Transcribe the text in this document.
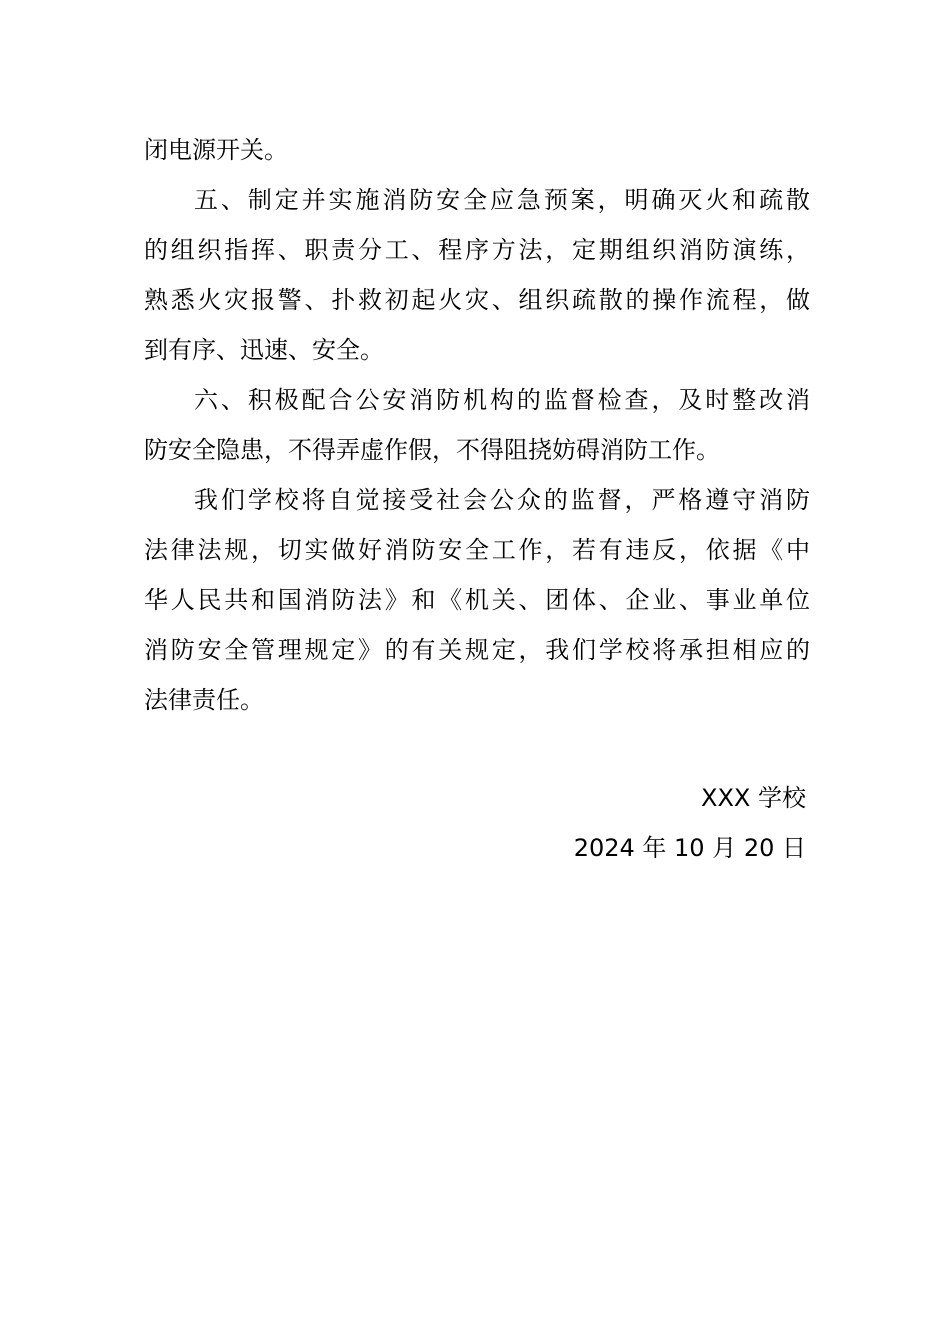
闭电源开关。
五、制定并实施消防安全应急预案，明确灭火和疏散
的组织指挥、职责分工、程序方法，定期组织消防演练，
熟悉火灾报警、扑救初起火灾、组织疏散的操作流程，做
到有序、迅速、安全。
六、积极配合公安消防机构的监督检查，及时整改消
防安全隐患，不得弄虚作假，不得阻挠妨碍消防工作。
我们学校将自觉接受社会公众的监督，严格遵守消防
法律法规，切实做好消防安全工作，若有违反，依据《中
华人民共和国消防法》和《机关、团体、企业、事业单位
消防安全管理规定》的有关规定，我们学校将承担相应的
法律责任。
XXX 学校
2024 年 10 月 20 日
